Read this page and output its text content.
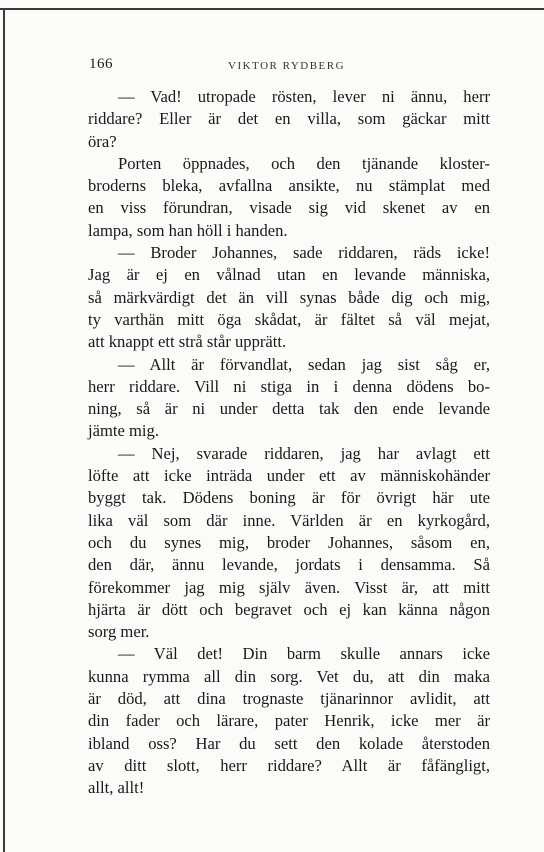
166	VIKTOR RYDBERG
— Vad! utropade rösten, lever ni ännu, herr
riddare? Eller är det en villa, som gäckar mitt
öra?
Porten öppnades, och den tjänande kloster-
broderns bleka, avfallna ansikte, nu stämplat med
en viss förundran, visade sig vid skenet av en
lampa, som han höll i handen.
— Broder Johannes, sade riddaren, räds icke!
Jag är ej en vålnad utan en levande människa,
så märkvärdigt det än vill synas både dig och mig,
ty varthän mitt öga skådat, är fältet så väl mejat,
att knappt ett strå står upprätt.
— Allt är förvandlat, sedan jag sist såg er,
herr riddare. Vill ni stiga in i denna dödens bo-
ning, så är ni under detta tak den ende levande
jämte mig.
— Nej, svarade riddaren, jag har avlagt ett
löfte att icke inträda under ett av människohänder
byggt tak. Dödens boning är för övrigt här ute
lika väl som där inne. Världen är en kyrkogård,
och du synes mig, broder Johannes, såsom en,
den där, ännu levande, jordats i densamma. Så
förekommer jag mig själv även. Visst är, att mitt
hjärta är dött och begravet och ej kan känna någon
sorg mer.
— Väl det! Din barm skulle annars icke
kunna rymma all din sorg. Vet du, att din maka
är död, att dina trognaste tjänarinnor avlidit, att
din fader och lärare, pater Henrik, icke mer är
ibland oss? Har du sett den kolade återstoden
av ditt slott, herr riddare? Allt är fåfängligt,
allt, allt!
